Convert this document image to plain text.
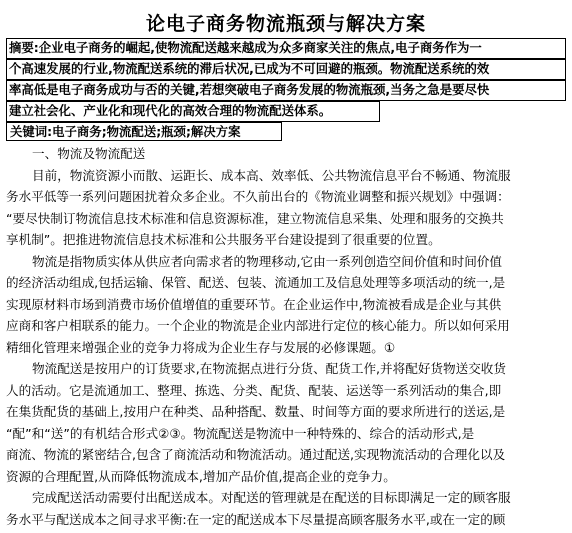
论电子商务物流瓶颈与解决方案
摘要:企业电子商务的崛起,使物流配送越来越成为众多商家关注的焦点,电子商务作为一
个高速发展的行业,物流配送系统的滞后状况,已成为不可回避的瓶颈。物流配送系统的效
率高低是电子商务成功与否的关键,若想突破电子商务发展的物流瓶颈,当务之急是要尽快
建立社会化、产业化和现代化的高效合理的物流配送体系。
关键词:电子商务;物流配送;瓶颈;解决方案
一、物流及物流配送
目前，物流资源小而散、运距长、成本高、效率低、公共物流信息平台不畅通、物流服
务水平低等一系列问题困扰着众多企业。不久前出台的《物流业调整和振兴规划》中强调：
“要尽快制订物流信息技术标准和信息资源标准，建立物流信息采集、处理和服务的交换共
享机制”。把推进物流信息技术标准和公共服务平台建设提到了很重要的位置。
物流是指物质实体从供应者向需求者的物理移动,它由一系列创造空间价值和时间价值
的经济活动组成,包括运输、保管、配送、包装、流通加工及信息处理等多项活动的统一,是
实现原材料市场到消费市场价值增值的重要环节。在企业运作中,物流被看成是企业与其供
应商和客户相联系的能力。一个企业的物流是企业内部进行定位的核心能力。所以如何采用
精细化管理来增强企业的竞争力将成为企业生存与发展的必修课题。①
物流配送是按用户的订货要求,在物流据点进行分货、配货工作,并将配好货物送交收货
人的活动。它是流通加工、整理、拣选、分类、配货、配装、运送等一系列活动的集合,即
在集货配货的基础上,按用户在种类、品种搭配、数量、时间等方面的要求所进行的送运,是
“配”和“送”的有机结合形式②③。物流配送是物流中一种特殊的、综合的活动形式,是
商流、物流的紧密结合,包含了商流活动和物流活动。通过配送,实现物流活动的合理化以及
资源的合理配置,从而降低物流成本,增加产品价值,提高企业的竞争力。
完成配送活动需要付出配送成本。对配送的管理就是在配送的目标即满足一定的顾客服
务水平与配送成本之间寻求平衡:在一定的配送成本下尽量提高顾客服务水平,或在一定的顾
